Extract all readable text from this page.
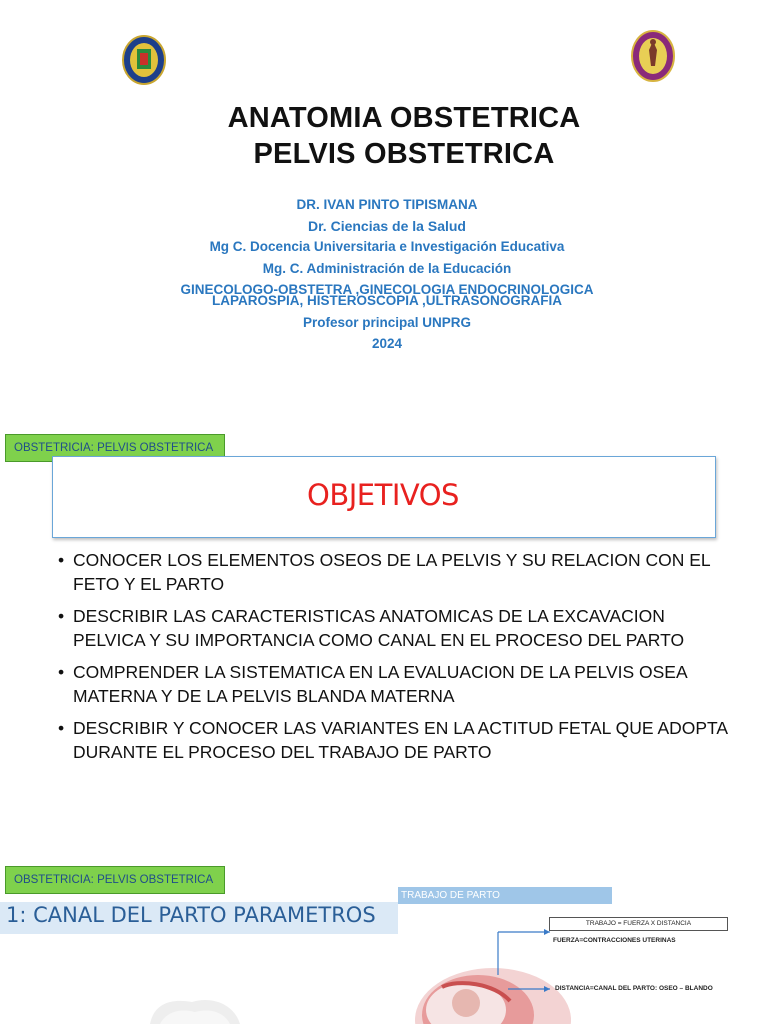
ANATOMIA OBSTETRICA
PELVIS OBSTETRICA
DR. IVAN PINTO TIPISMANA
Dr. Ciencias de la Salud
Mg C. Docencia Universitaria e Investigación Educativa
Mg. C. Administración de la Educación
GINECOLOGO-OBSTETRA ,GINECOLOGIA ENDOCRINOLOGICA
LAPAROSPIA, HISTEROSCOPIA ,ULTRASONOGRAFIA
Profesor principal UNPRG
2024
OBSTETRICIA: PELVIS OBSTETRICA
OBJETIVOS
• CONOCER LOS ELEMENTOS OSEOS DE LA PELVIS Y SU RELACION CON EL FETO Y EL PARTO
• DESCRIBIR LAS CARACTERISTICAS ANATOMICAS DE LA EXCAVACION PELVICA Y SU IMPORTANCIA COMO CANAL EN EL PROCESO DEL PARTO
• COMPRENDER LA SISTEMATICA EN LA EVALUACION DE LA PELVIS OSEA MATERNA Y DE LA PELVIS BLANDA MATERNA
• DESCRIBIR Y CONOCER LAS VARIANTES EN LA ACTITUD FETAL QUE ADOPTA DURANTE EL PROCESO DEL TRABAJO DE PARTO
OBSTETRICIA: PELVIS OBSTETRICA
1: CANAL DEL PARTO PARAMETROS
TRABAJO DE PARTO
TRABAJO = FUERZA X DISTANCIA
FUERZA=CONTRACCIONES UTERINAS
DISTANCIA=CANAL DEL PARTO: OSEO – BLANDO
